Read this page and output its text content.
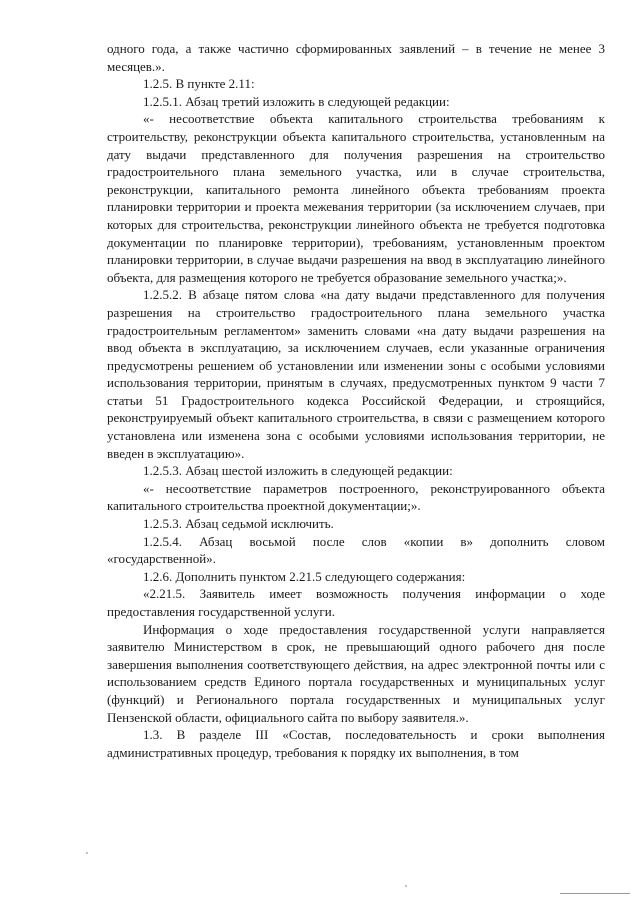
одного года, а также частично сформированных заявлений – в течение не менее 3 месяцев.».

1.2.5. В пункте 2.11:

1.2.5.1. Абзац третий изложить в следующей редакции:

«- несоответствие объекта капитального строительства требованиям к строительству, реконструкции объекта капитального строительства, установленным на дату выдачи представленного для получения разрешения на строительство градостроительного плана земельного участка, или в случае строительства, реконструкции, капитального ремонта линейного объекта требованиям проекта планировки территории и проекта межевания территории (за исключением случаев, при которых для строительства, реконструкции линейного объекта не требуется подготовка документации по планировке территории), требованиям, установленным проектом планировки территории, в случае выдачи разрешения на ввод в эксплуатацию линейного объекта, для размещения которого не требуется образование земельного участка;».

1.2.5.2. В абзаце пятом слова «на дату выдачи представленного для получения разрешения на строительство градостроительного плана земельного участка градостроительным регламентом» заменить словами «на дату выдачи разрешения на ввод объекта в эксплуатацию, за исключением случаев, если указанные ограничения предусмотрены решением об установлении или изменении зоны с особыми условиями использования территории, принятым в случаях, предусмотренных пунктом 9 части 7 статьи 51 Градостроительного кодекса Российской Федерации, и строящийся, реконструируемый объект капитального строительства, в связи с размещением которого установлена или изменена зона с особыми условиями использования территории, не введен в эксплуатацию».

1.2.5.3. Абзац шестой изложить в следующей редакции:

«- несоответствие параметров построенного, реконструированного объекта капитального строительства проектной документации;».

1.2.5.3. Абзац седьмой исключить.

1.2.5.4. Абзац восьмой после слов «копии в» дополнить словом «государственной».

1.2.6. Дополнить пунктом 2.21.5 следующего содержания:

«2.21.5. Заявитель имеет возможность получения информации о ходе предоставления государственной услуги.

Информация о ходе предоставления государственной услуги направляется заявителю Министерством в срок, не превышающий одного рабочего дня после завершения выполнения соответствующего действия, на адрес электронной почты или с использованием средств Единого портала государственных и муниципальных услуг (функций) и Регионального портала государственных и муниципальных услуг Пензенской области, официального сайта по выбору заявителя.».

1.3. В разделе III «Состав, последовательность и сроки выполнения административных процедур, требования к порядку их выполнения, в том
